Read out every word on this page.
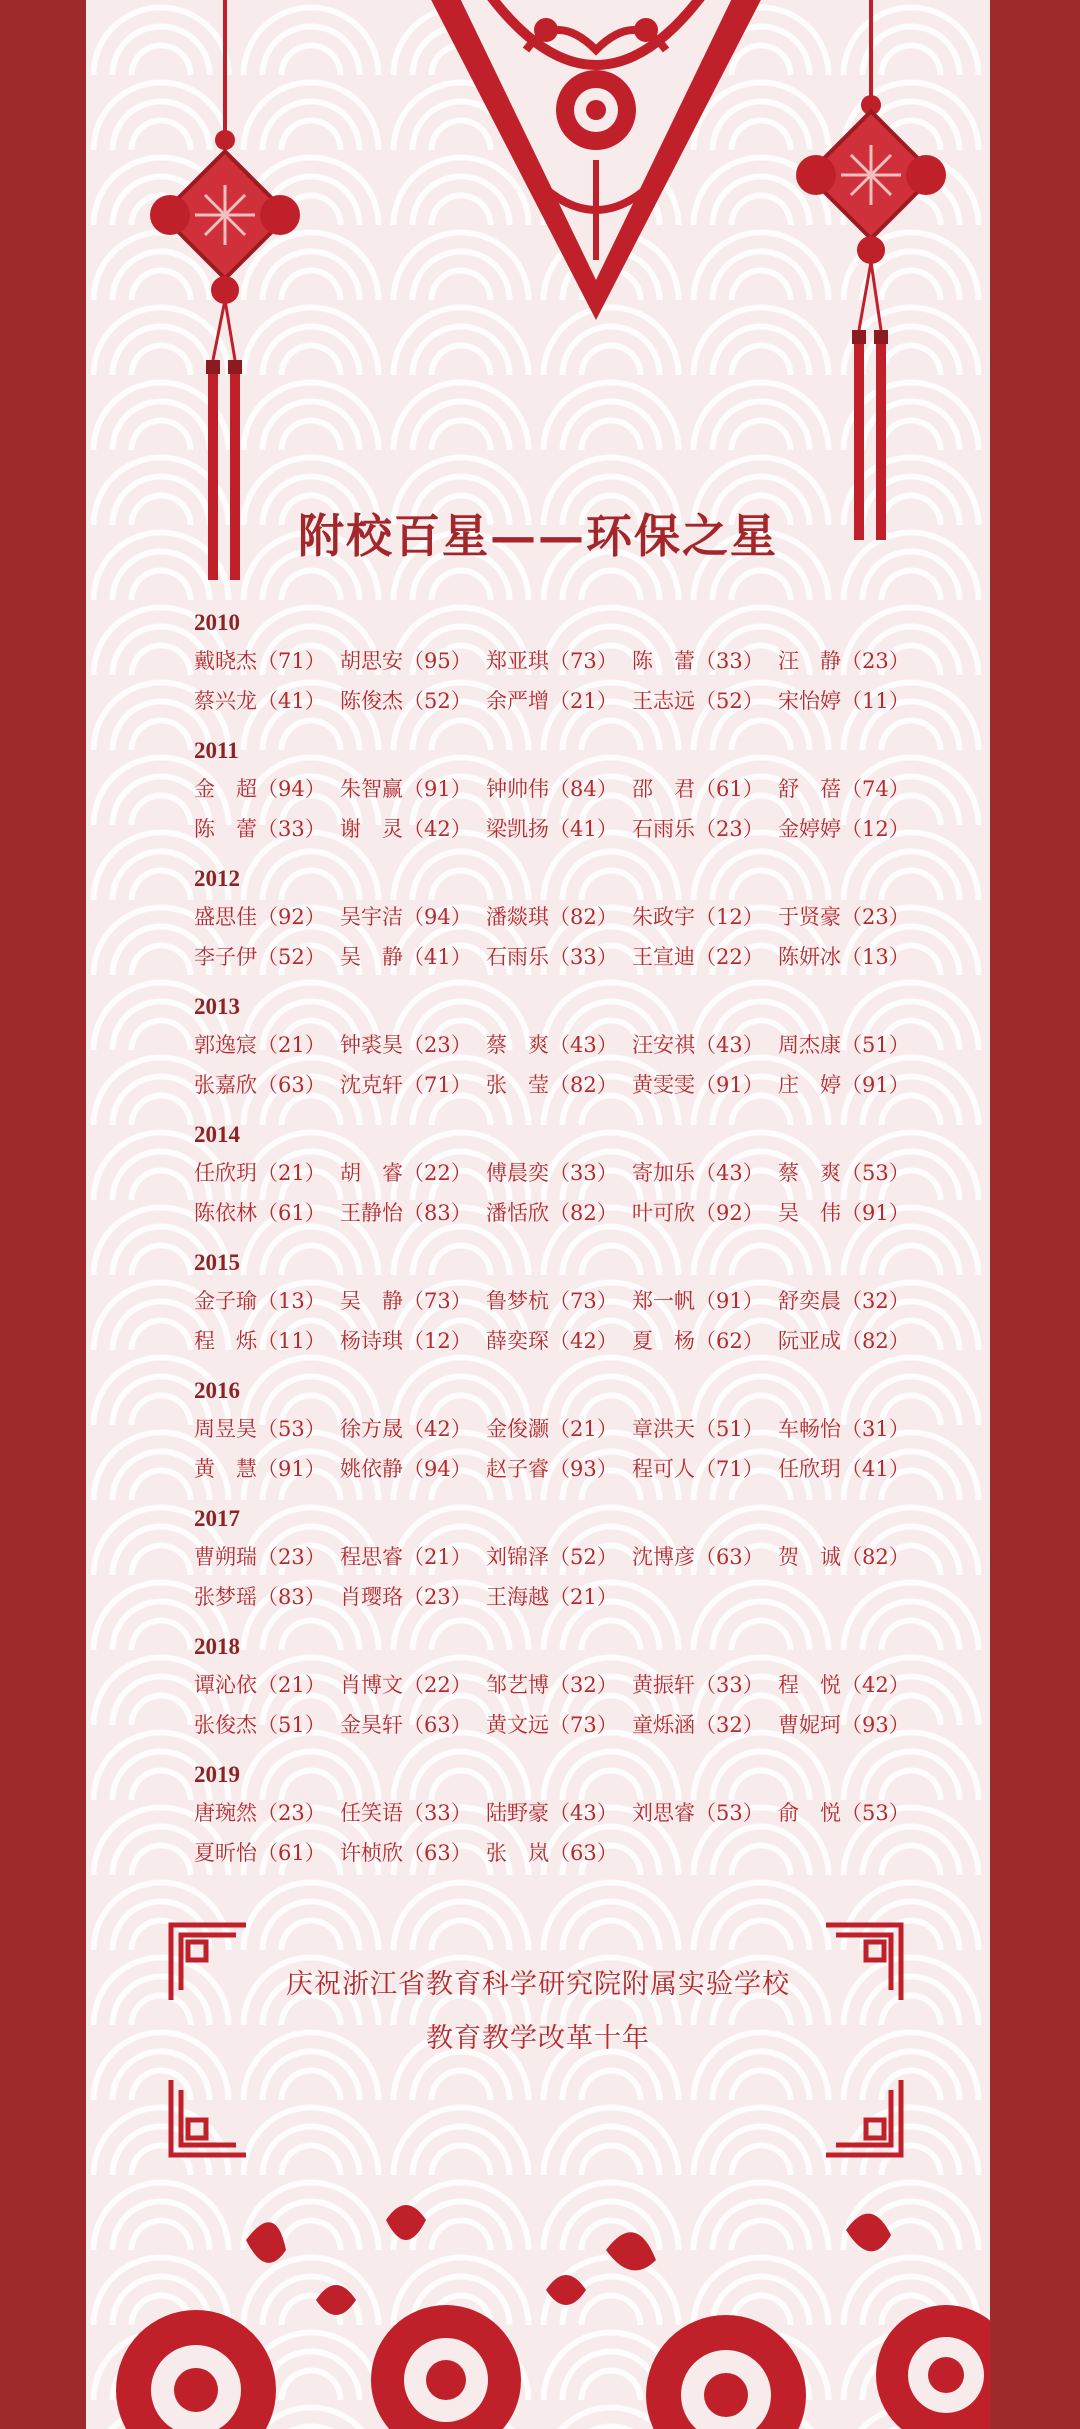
附校百星——环保之星
2010
戴晓杰（71） 胡思安（95） 郑亚琪（73） 陈　蕾（33） 汪　静（23）
蔡兴龙（41） 陈俊杰（52） 余严增（21） 王志远（52） 宋怡婷（11）
2011
金　超（94） 朱智赢（91） 钟帅伟（84） 邵　君（61） 舒　蓓（74）
陈　蕾（33） 谢　灵（42） 梁凯扬（41） 石雨乐（23） 金婷婷（12）
2012
盛思佳（92） 吴宇洁（94） 潘燚琪（82） 朱政宇（12） 于贤豪（23）
李子伊（52） 吴　静（41） 石雨乐（33） 王宣迪（22） 陈妍冰（13）
2013
郭逸宸（21） 钟裘昊（23） 蔡　爽（43） 汪安祺（43） 周杰康（51）
张嘉欣（63） 沈克轩（71） 张　莹（82） 黄雯雯（91） 庄　婷（91）
2014
任欣玥（21） 胡　睿（22） 傅晨奕（33） 寄加乐（43） 蔡　爽（53）
陈依林（61） 王静怡（83） 潘恬欣（82） 叶可欣（92） 吴　伟（91）
2015
金子瑜（13） 吴　静（73） 鲁梦杭（73） 郑一帆（91） 舒奕晨（32）
程　烁（11） 杨诗琪（12） 薛奕琛（42） 夏　杨（62） 阮亚成（82）
2016
周昱昊（53） 徐方晟（42） 金俊灏（21） 章洪天（51） 车畅怡（31）
黄　慧（91） 姚依静（94） 赵子睿（93） 程可人（71） 任欣玥（41）
2017
曹朔瑞（23） 程思睿（21） 刘锦泽（52） 沈博彦（63） 贺　诚（82）
张梦瑶（83） 肖璎珞（23） 王海越（21）
2018
谭沁依（21） 肖博文（22） 邹艺博（32） 黄振轩（33） 程　悦（42）
张俊杰（51） 金昊轩（63） 黄文远（73） 童烁涵（32） 曹妮珂（93）
2019
唐琬然（23） 任笑语（33） 陆野豪（43） 刘思睿（53） 俞　悦（53）
夏昕怡（61） 许桢欣（63） 张　岚（63）
庆祝浙江省教育科学研究院附属实验学校
教育教学改革十年
